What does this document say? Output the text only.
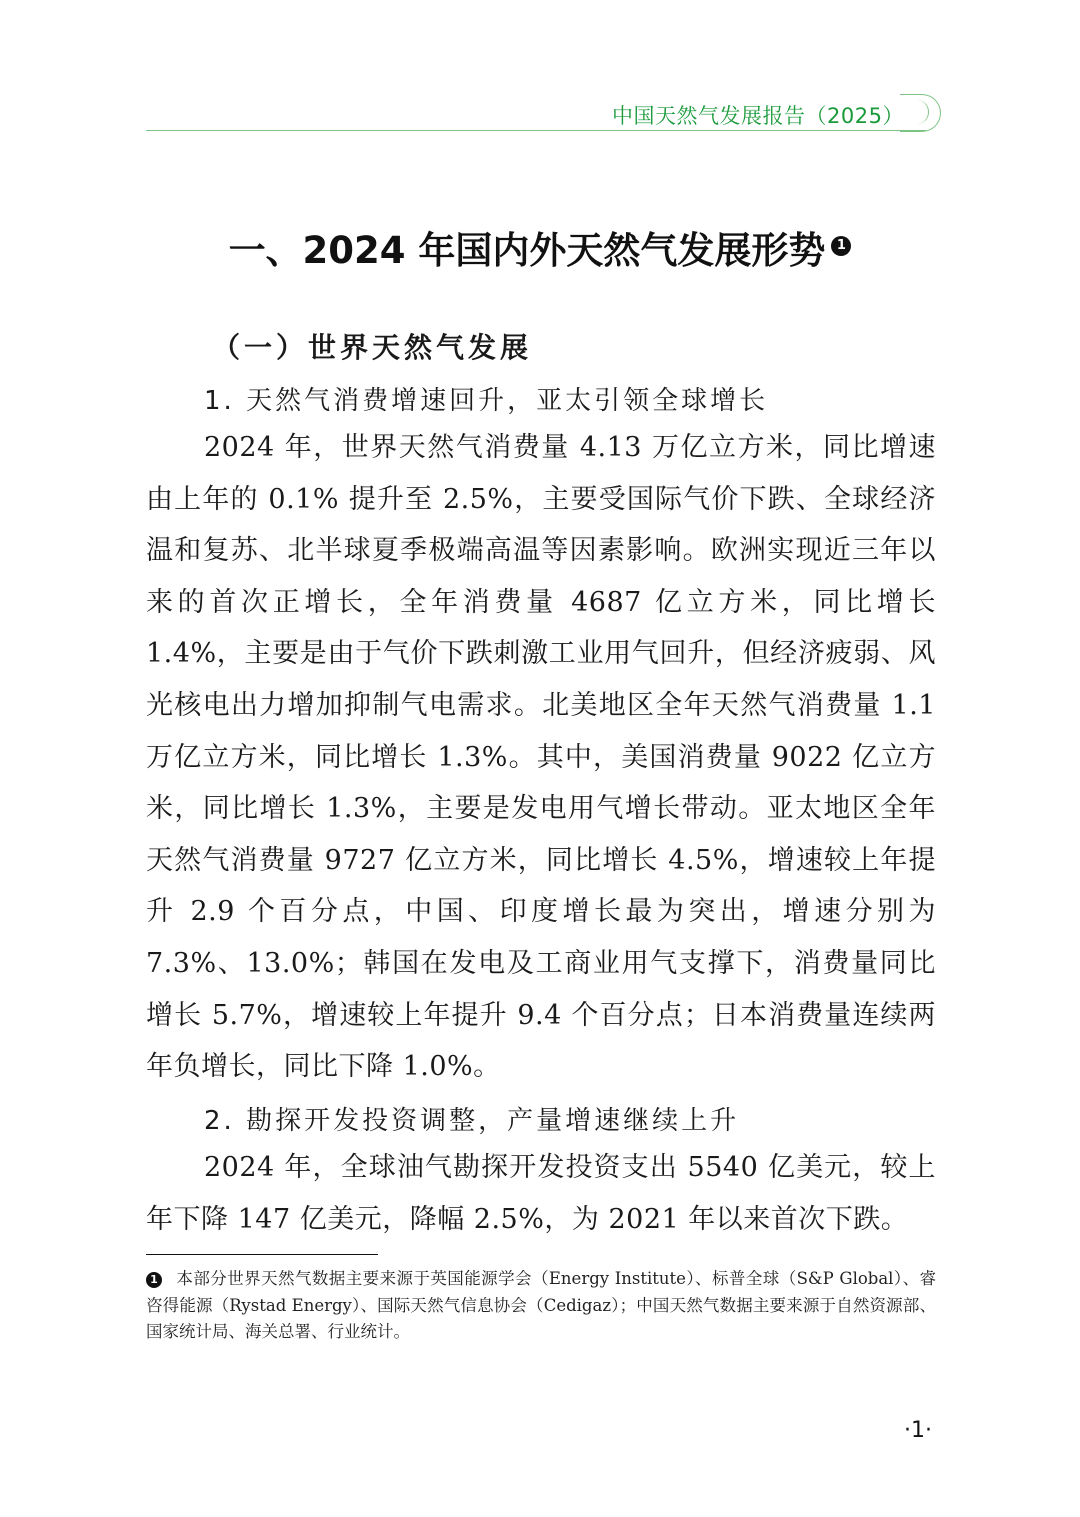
中国天然气发展报告（2025）
一、2024 年国内外天然气发展形势 1
（一）世界天然气发展
1. 天然气消费增速回升，亚太引领全球增长
2024 年，世界天然气消费量 4.13 万亿立方米，同比增速由上年的 0.1% 提升至 2.5%，主要受国际气价下跌、全球经济温和复苏、北半球夏季极端高温等因素影响。欧洲实现近三年以来的首次正增长，全年消费量 4687 亿立方米，同比增长 1.4%，主要是由于气价下跌刺激工业用气回升，但经济疲弱、风光核电出力增加抑制气电需求。北美地区全年天然气消费量 1.1 万亿立方米，同比增长 1.3%。其中，美国消费量 9022 亿立方米，同比增长 1.3%，主要是发电用气增长带动。亚太地区全年天然气消费量 9727 亿立方米，同比增长 4.5%，增速较上年提升 2.9 个百分点，中国、印度增长最为突出，增速分别为 7.3%、13.0%；韩国在发电及工商业用气支撑下，消费量同比增长 5.7%，增速较上年提升 9.4 个百分点；日本消费量连续两年负增长，同比下降 1.0%。
2. 勘探开发投资调整，产量增速继续上升
2024 年，全球油气勘探开发投资支出 5540 亿美元，较上年下降 147 亿美元，降幅 2.5%，为 2021 年以来首次下跌。
1 本部分世界天然气数据主要来源于英国能源学会（Energy Institute）、标普全球（S&P Global）、睿咨得能源（Rystad Energy）、国际天然气信息协会（Cedigaz）；中国天然气数据主要来源于自然资源部、国家统计局、海关总署、行业统计。
·1·
